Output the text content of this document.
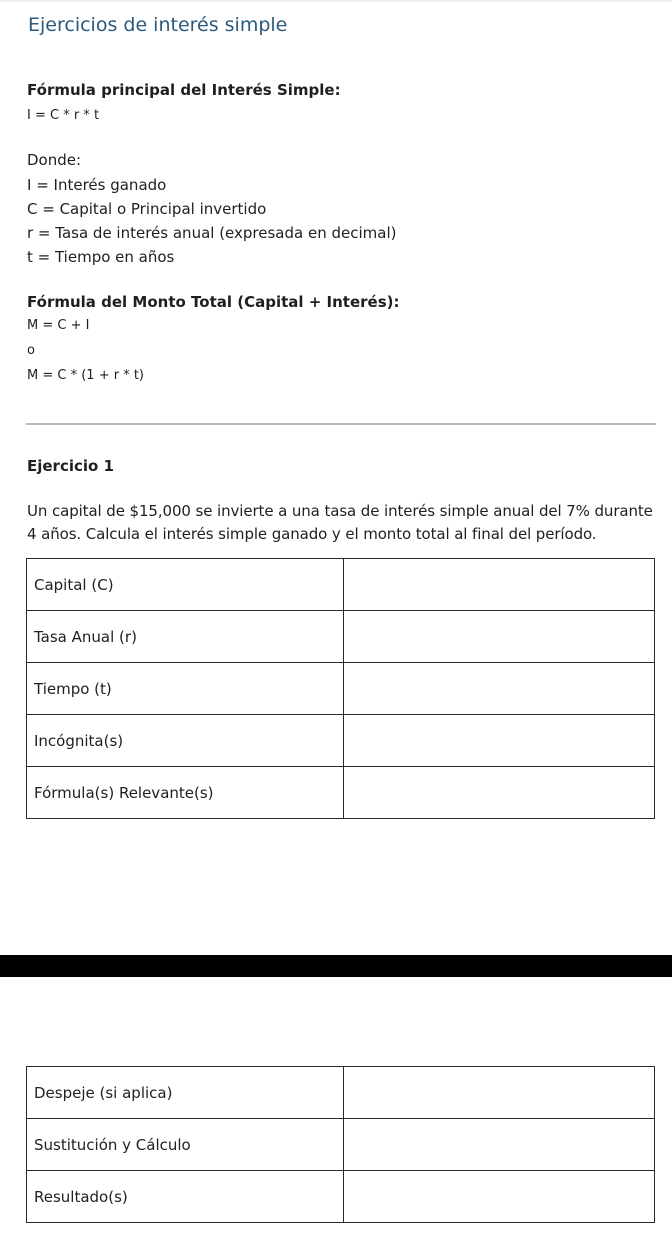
Ejercicios de interés simple
Fórmula principal del Interés Simple:
I = C * r * t
Donde:
I = Interés ganado
C = Capital o Principal invertido
r = Tasa de interés anual (expresada en decimal)
t = Tiempo en años
Fórmula del Monto Total (Capital + Interés):
M = C + I
o
M = C * (1 + r * t)
Ejercicio 1
Un capital de $15,000 se invierte a una tasa de interés simple anual del 7% durante 4 años. Calcula el interés simple ganado y el monto total al final del período.
Capital (C)	
Tasa Anual (r)	
Tiempo (t)	
Incógnita(s)	
Fórmula(s) Relevante(s)	
Despeje (si aplica)	
Sustitución y Cálculo	
Resultado(s)	
